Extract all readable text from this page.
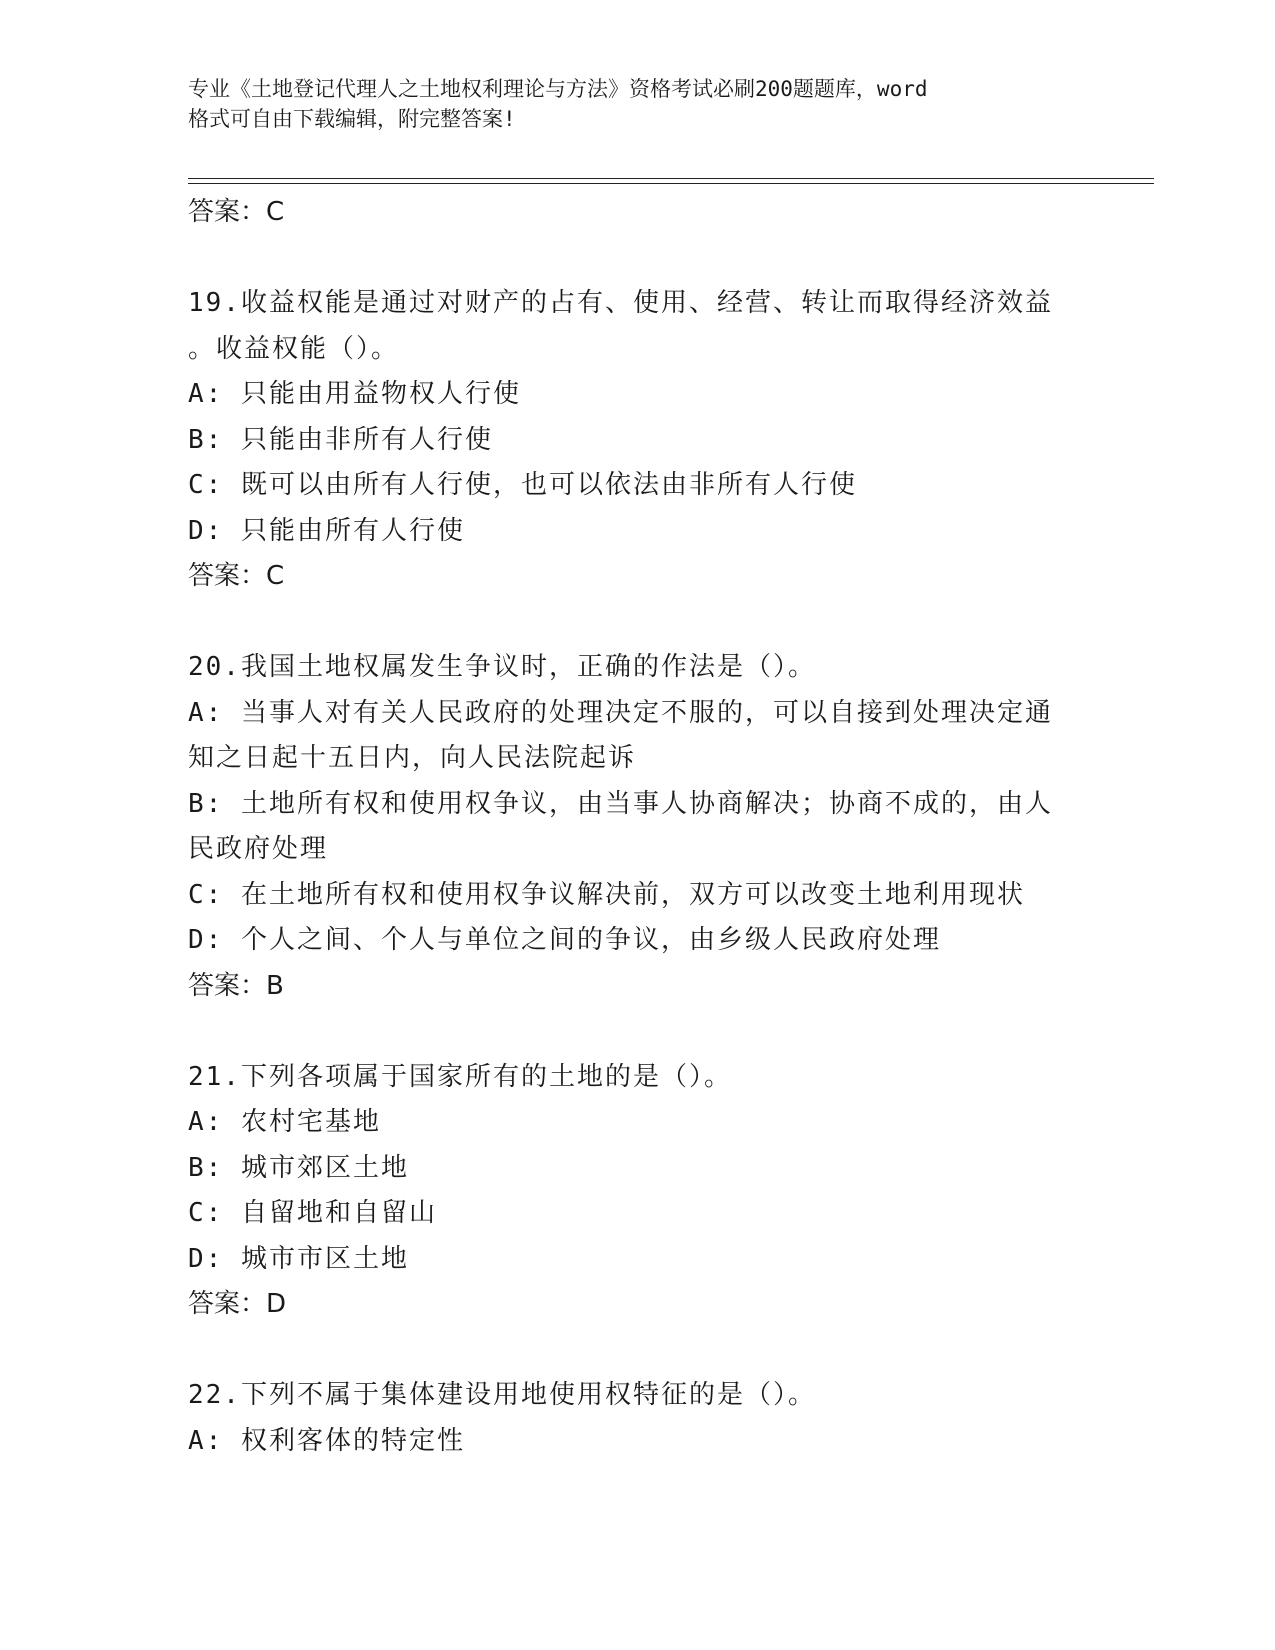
专业《土地登记代理人之土地权利理论与方法》资格考试必刷200题题库，word
格式可自由下载编辑，附完整答案!
答案：C
19.收益权能是通过对财产的占有、使用、经营、转让而取得经济效益
。收益权能（）。
A: 只能由用益物权人行使
B: 只能由非所有人行使
C: 既可以由所有人行使，也可以依法由非所有人行使
D: 只能由所有人行使
答案：C
20.我国土地权属发生争议时，正确的作法是（）。
A: 当事人对有关人民政府的处理决定不服的，可以自接到处理决定通
知之日起十五日内，向人民法院起诉
B: 土地所有权和使用权争议，由当事人协商解决；协商不成的，由人
民政府处理
C: 在土地所有权和使用权争议解决前，双方可以改变土地利用现状
D: 个人之间、个人与单位之间的争议，由乡级人民政府处理
答案：B
21.下列各项属于国家所有的土地的是（）。
A: 农村宅基地
B: 城市郊区土地
C: 自留地和自留山
D: 城市市区土地
答案：D
22.下列不属于集体建设用地使用权特征的是（）。
A: 权利客体的特定性
